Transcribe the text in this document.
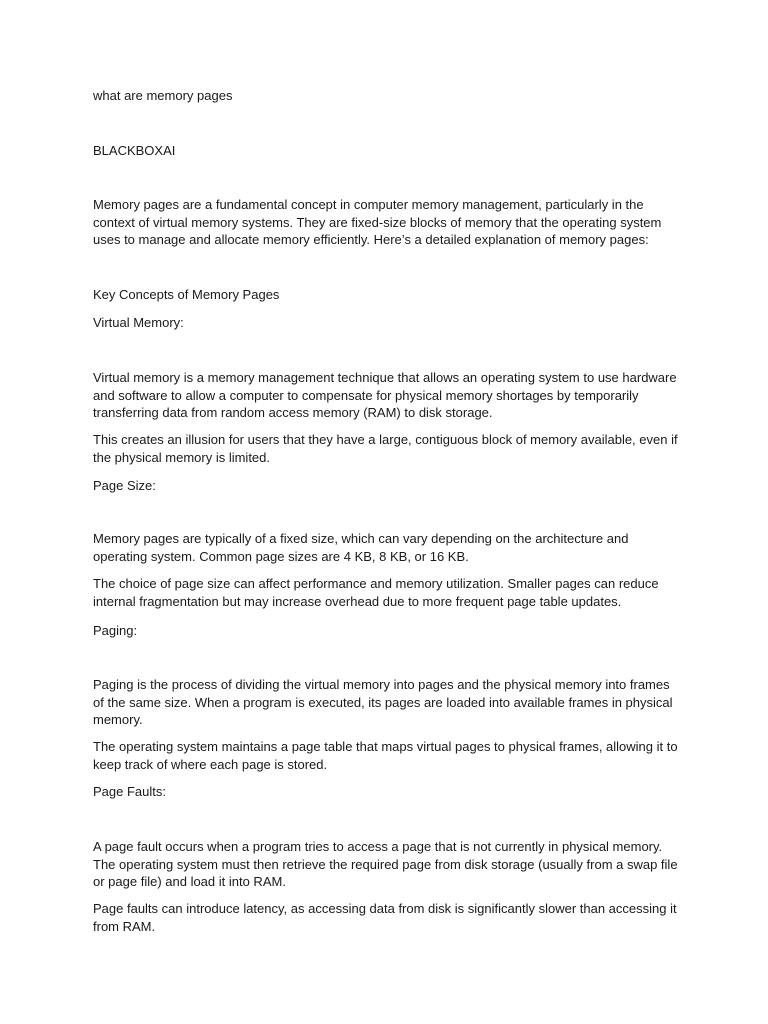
what are memory pages

BLACKBOXAI

Memory pages are a fundamental concept in computer memory management, particularly in the context of virtual memory systems. They are fixed-size blocks of memory that the operating system uses to manage and allocate memory efficiently. Here’s a detailed explanation of memory pages:

Key Concepts of Memory Pages

Virtual Memory:

Virtual memory is a memory management technique that allows an operating system to use hardware and software to allow a computer to compensate for physical memory shortages by temporarily transferring data from random access memory (RAM) to disk storage.

This creates an illusion for users that they have a large, contiguous block of memory available, even if the physical memory is limited.

Page Size:

Memory pages are typically of a fixed size, which can vary depending on the architecture and operating system. Common page sizes are 4 KB, 8 KB, or 16 KB.

The choice of page size can affect performance and memory utilization. Smaller pages can reduce internal fragmentation but may increase overhead due to more frequent page table updates.

Paging:

Paging is the process of dividing the virtual memory into pages and the physical memory into frames of the same size. When a program is executed, its pages are loaded into available frames in physical memory.

The operating system maintains a page table that maps virtual pages to physical frames, allowing it to keep track of where each page is stored.

Page Faults:

A page fault occurs when a program tries to access a page that is not currently in physical memory. The operating system must then retrieve the required page from disk storage (usually from a swap file or page file) and load it into RAM.

Page faults can introduce latency, as accessing data from disk is significantly slower than accessing it from RAM.
